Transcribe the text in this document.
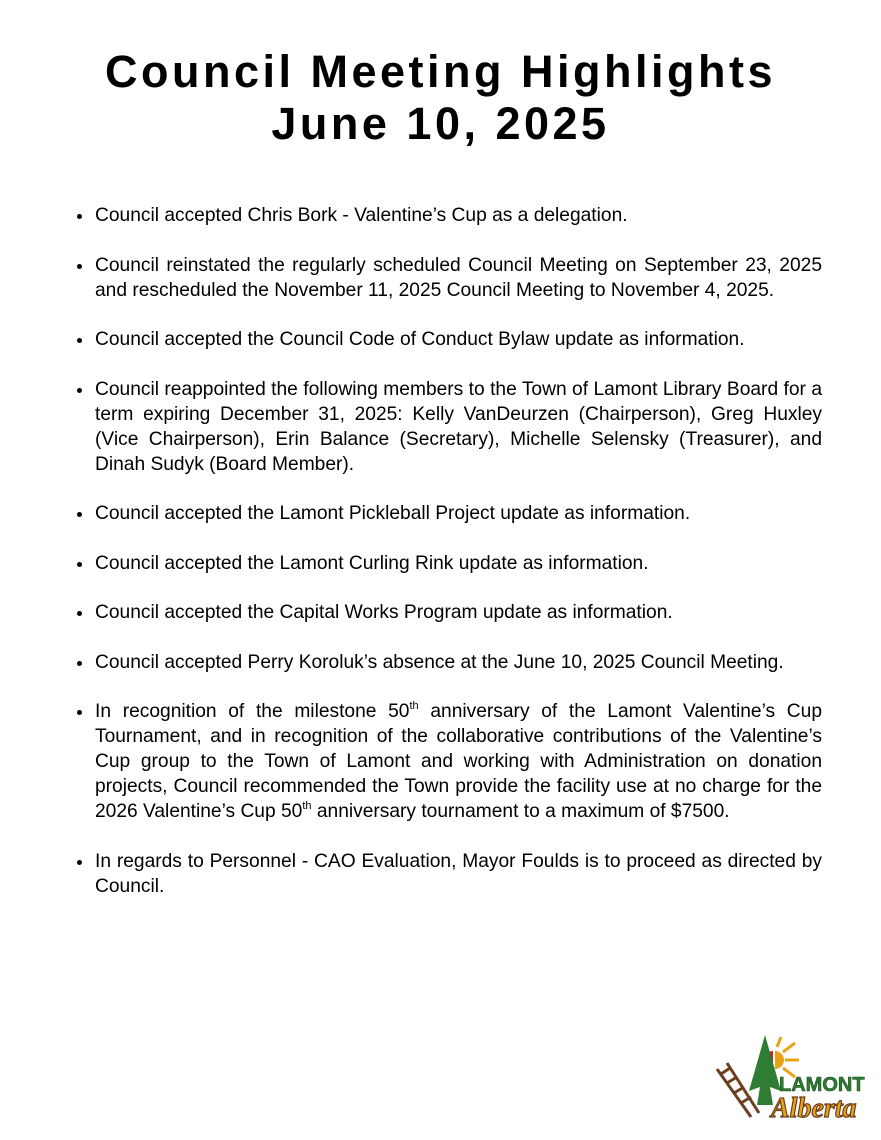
Council Meeting Highlights
June 10, 2025
Council accepted Chris Bork - Valentine’s Cup as a delegation.
Council reinstated the regularly scheduled Council Meeting on September 23, 2025 and rescheduled the November 11, 2025 Council Meeting to November 4, 2025.
Council accepted the Council Code of Conduct Bylaw update as information.
Council reappointed the following members to the Town of Lamont Library Board for a term expiring December 31, 2025: Kelly VanDeurzen (Chairperson), Greg Huxley (Vice Chairperson), Erin Balance (Secretary), Michelle Selensky (Treasurer), and Dinah Sudyk (Board Member).
Council accepted the Lamont Pickleball Project update as information.
Council accepted the Lamont Curling Rink update as information.
Council accepted the Capital Works Program update as information.
Council accepted Perry Koroluk’s absence at the June 10, 2025 Council Meeting.
In recognition of the milestone 50th anniversary of the Lamont Valentine’s Cup Tournament, and in recognition of the collaborative contributions of the Valentine’s Cup group to the Town of Lamont and working with Administration on donation projects, Council recommended the Town provide the facility use at no charge for the 2026 Valentine’s Cup 50th anniversary tournament to a maximum of $7500.
In regards to Personnel - CAO Evaluation, Mayor Foulds is to proceed as directed by Council.
LAMONT
Alberta
